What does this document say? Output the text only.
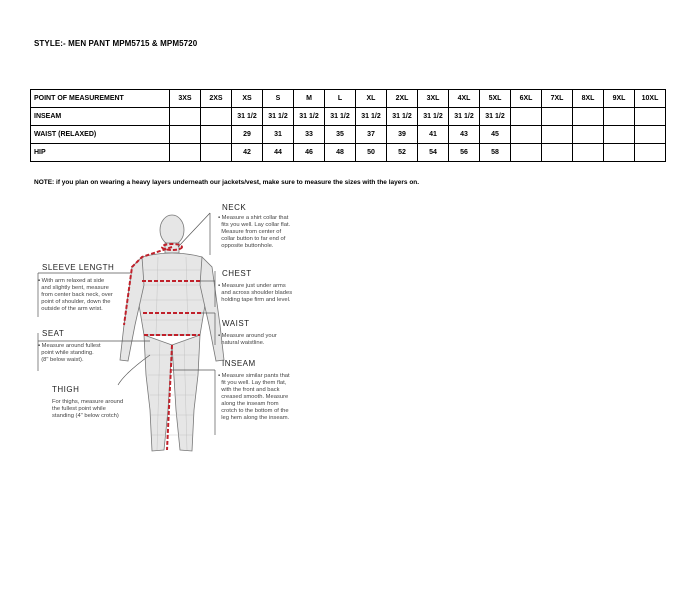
STYLE:- MEN PANT MPM5715 & MPM5720
POINT OF MEASUREMENT	3XS	2XS	XS	S	M	L	XL	2XL	3XL	4XL	5XL	6XL	7XL	8XL	9XL	10XL
INSEAM			31 1/2	31 1/2	31 1/2	31 1/2	31 1/2	31 1/2	31 1/2	31 1/2	31 1/2					
WAIST (RELAXED)			29	31	33	35	37	39	41	43	45					
HIP			42	44	46	48	50	52	54	56	58					
NOTE: if you plan on wearing a heavy layers underneath our jackets/vest, make sure to measure the sizes with the layers on.
NECK
▪ Measure a shirt collar that
fits you well. Lay collar flat.
Measure from center of
collar button to far end of
opposite buttonhole.
SLEEVE LENGTH
▪ With arm relaxed at side
and slightly bent, measure
from center back neck, over
point of shoulder, down the
outside of the arm wrist.
CHEST
▪ Measure just under arms
and across shoulder blades
holding tape firm and level.
WAIST
▪ Measure around your
natural waistline.
SEAT
▪ Measure around fullest
point while standing.
(8" below waist).	INSEAM
▪ Measure similar pants that
fit you well. Lay them flat,
with the front and back
creased smooth. Measure
along the inseam from
crotch to the bottom of the
leg hem along the inseam.
THIGH
For thighs, measure around
the fullest point while
standing (4" below crotch)
